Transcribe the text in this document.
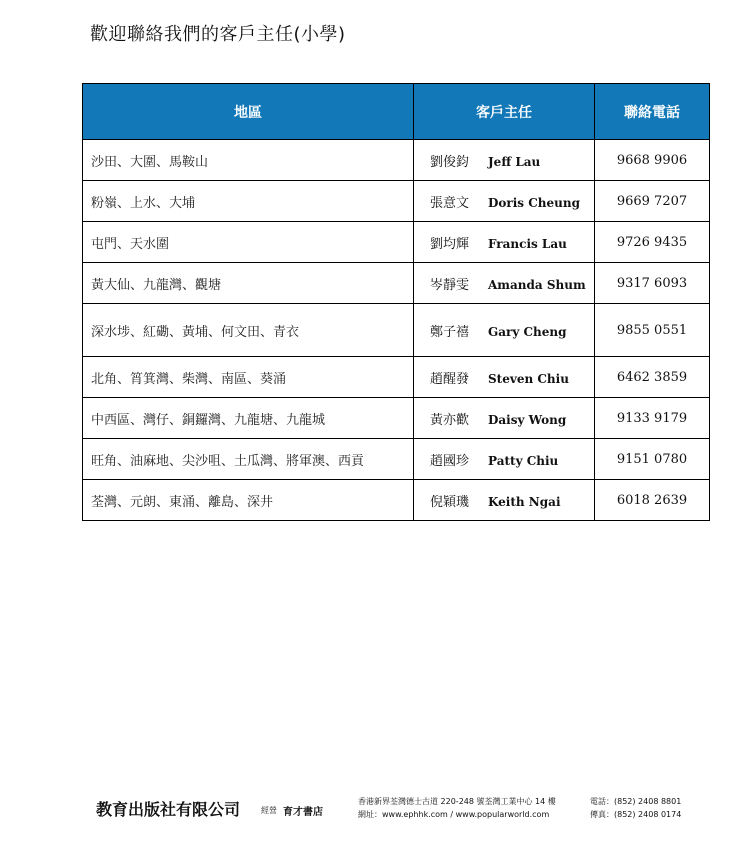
歡迎聯絡我們的客戶主任(小學)
地區	客戶主任	聯絡電話
沙田、大圍、馬鞍山	劉俊鈞 Jeff Lau	9668 9906
粉嶺、上水、大埔	張意文 Doris Cheung	9669 7207
屯門、天水圍	劉均輝 Francis Lau	9726 9435
黃大仙、九龍灣、觀塘	岑靜雯 Amanda Shum	9317 6093
深水埗、紅磡、黃埔、何文田、青衣	鄭子禧 Gary Cheng	9855 0551
北角、筲箕灣、柴灣、南區、葵涌	趙醒發 Steven Chiu	6462 3859
中西區、灣仔、銅鑼灣、九龍塘、九龍城	黃亦歡 Daisy Wong	9133 9179
旺角、油麻地、尖沙咀、土瓜灣、將軍澳、西貢	趙國珍 Patty Chiu	9151 0780
荃灣、元朗、東涌、離島、深井	倪穎璣 Keith Ngai	6018 2639
教育出版社有限公司	經營 育才書店
香港新界荃灣德士古道 220-248 號荃灣工業中心 14 樓
網址：www.ephhk.com / www.popularworld.com
電話：(852) 2408 8801
傳真：(852) 2408 0174
